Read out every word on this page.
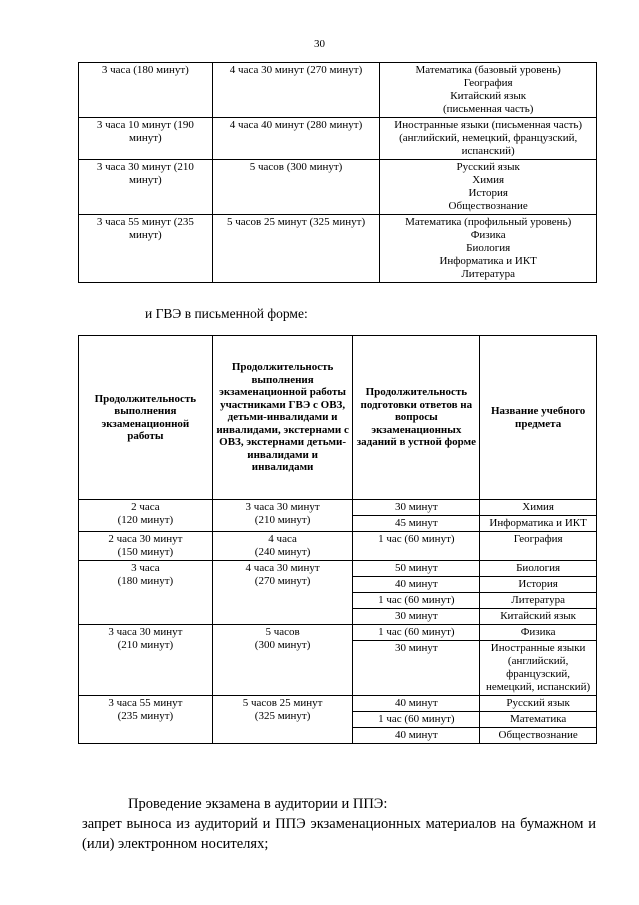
30
3 часа (180 минут)	4 часа 30 минут (270 минут)	Математика (базовый уровень)
География
Китайский язык
(письменная часть)

3 часа 10 минут (190 минут)	4 часа 40 минут (280 минут)	Иностранные языки (письменная часть) (английский, немецкий, французский, испанский)
3 часа 30 минут (210 минут)	5 часов (300 минут)	Русский язык
Химия
История
Обществознание

3 часа 55 минут (235 минут)	5 часов 25 минут (325 минут)	Математика (профильный уровень)
Физика
Биология
Информатика и ИКТ
Литература
и ГВЭ в письменной форме:
Продолжительность выполнения экзаменационной работы	Продолжительность выполнения экзаменационной работы участниками ГВЭ с ОВЗ, детьми-инвалидами и инвалидами, экстернами с ОВЗ, экстернами детьми-инвалидами и инвалидами	Продолжительность подготовки ответов на вопросы экзаменационных заданий в устной форме	Название учебного предмета

2 часа
(120 минут)	3 часа 30 минут
(210 минут)	30 минут	Химия
		45 минут	Информатика и ИКТ

2 часа 30 минут
(150 минут)	4 часа
(240 минут)	1 час (60 минут)	География

3 часа
(180 минут)	4 часа 30 минут
(270 минут)	50 минут	Биология
		40 минут	История
		1 час (60 минут)	Литература
		30 минут	Китайский язык

3 часа 30 минут
(210 минут)	5 часов
(300 минут)	1 час (60 минут)	Физика
		30 минут	Иностранные языки (английский, французский, немецкий, испанский)

3 часа 55 минут
(235 минут)	5 часов 25 минут
(325 минут)	40 минут	Русский язык
		1 час (60 минут)	Математика
		40 минут	Обществознание
Проведение экзамена в аудитории и ППЭ:
запрет выноса из аудиторий и ППЭ экзаменационных материалов на бумажном и (или) электронном носителях;
